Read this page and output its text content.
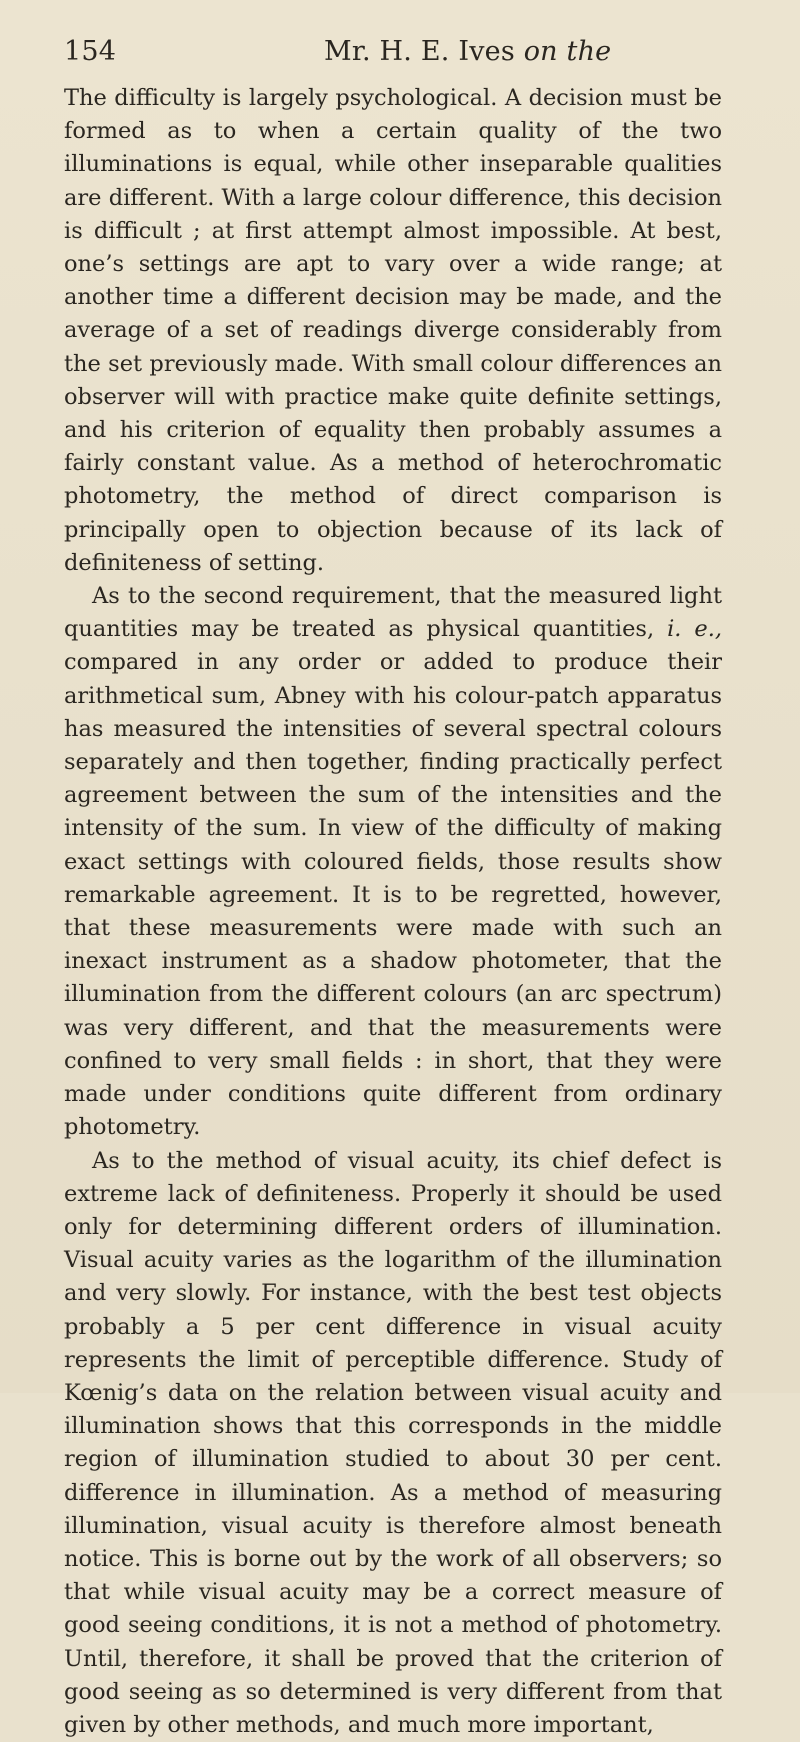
154	Mr. H. E. Ives on the

The difficulty is largely psychological. A decision must be formed as to when a certain quality of the two illuminations is equal, while other inseparable qualities are different. With a large colour difference, this decision is difficult ; at first attempt almost impossible. At best, one’s settings are apt to vary over a wide range; at another time a different decision may be made, and the average of a set of readings diverge considerably from the set previously made. With small colour differences an observer will with practice make quite definite settings, and his criterion of equality then probably assumes a fairly constant value. As a method of heterochromatic photometry, the method of direct comparison is principally open to objection because of its lack of definiteness of setting.

As to the second requirement, that the measured light quantities may be treated as physical quantities, i. e., compared in any order or added to produce their arithmetical sum, Abney with his colour-patch apparatus has measured the intensities of several spectral colours separately and then together, finding practically perfect agreement between the sum of the intensities and the intensity of the sum. In view of the difficulty of making exact settings with coloured fields, those results show remarkable agreement. It is to be regretted, however, that these measurements were made with such an inexact instrument as a shadow photometer, that the illumination from the different colours (an arc spectrum) was very different, and that the measurements were confined to very small fields : in short, that they were made under conditions quite different from ordinary photometry.

As to the method of visual acuity, its chief defect is extreme lack of definiteness. Properly it should be used only for determining different orders of illumination. Visual acuity varies as the logarithm of the illumination and very slowly. For instance, with the best test objects probably a 5 per cent difference in visual acuity represents the limit of perceptible difference. Study of Kœnig’s data on the relation between visual acuity and illumination shows that this corresponds in the middle region of illumination studied to about 30 per cent. difference in illumination. As a method of measuring illumination, visual acuity is therefore almost beneath notice. This is borne out by the work of all observers; so that while visual acuity may be a correct measure of good seeing conditions, it is not a method of photometry. Until, therefore, it shall be proved that the criterion of good seeing as so determined is very different from that given by other methods, and much more important,
